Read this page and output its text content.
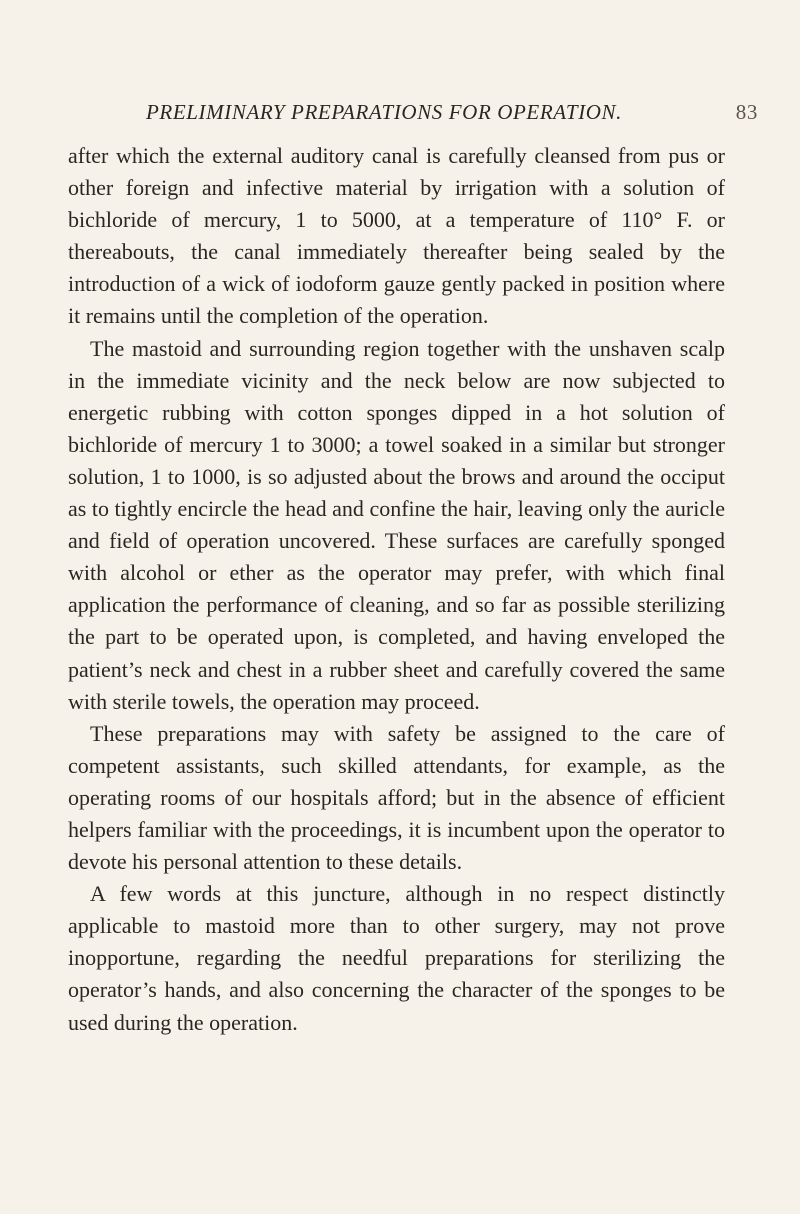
PRELIMINARY PREPARATIONS FOR OPERATION.	83

after which the external auditory canal is carefully cleansed from pus or other foreign and infective material by irrigation with a solution of bichloride of mercury, 1 to 5000, at a temperature of 110° F. or thereabouts, the canal immediately thereafter being sealed by the introduction of a wick of iodoform gauze gently packed in position where it remains until the completion of the operation.

The mastoid and surrounding region together with the unshaven scalp in the immediate vicinity and the neck below are now subjected to energetic rubbing with cotton sponges dipped in a hot solution of bichloride of mercury 1 to 3000; a towel soaked in a similar but stronger solution, 1 to 1000, is so adjusted about the brows and around the occiput as to tightly encircle the head and confine the hair, leaving only the auricle and field of operation uncovered. These surfaces are carefully sponged with alcohol or ether as the operator may prefer, with which final application the performance of cleaning, and so far as possible sterilizing the part to be operated upon, is completed, and having enveloped the patient’s neck and chest in a rubber sheet and carefully covered the same with sterile towels, the operation may proceed.

These preparations may with safety be assigned to the care of competent assistants, such skilled attendants, for example, as the operating rooms of our hospitals afford; but in the absence of efficient helpers familiar with the proceedings, it is incumbent upon the operator to devote his personal attention to these details.

A few words at this juncture, although in no respect distinctly applicable to mastoid more than to other surgery, may not prove inopportune, regarding the needful preparations for sterilizing the operator’s hands, and also concerning the character of the sponges to be used during the operation.
